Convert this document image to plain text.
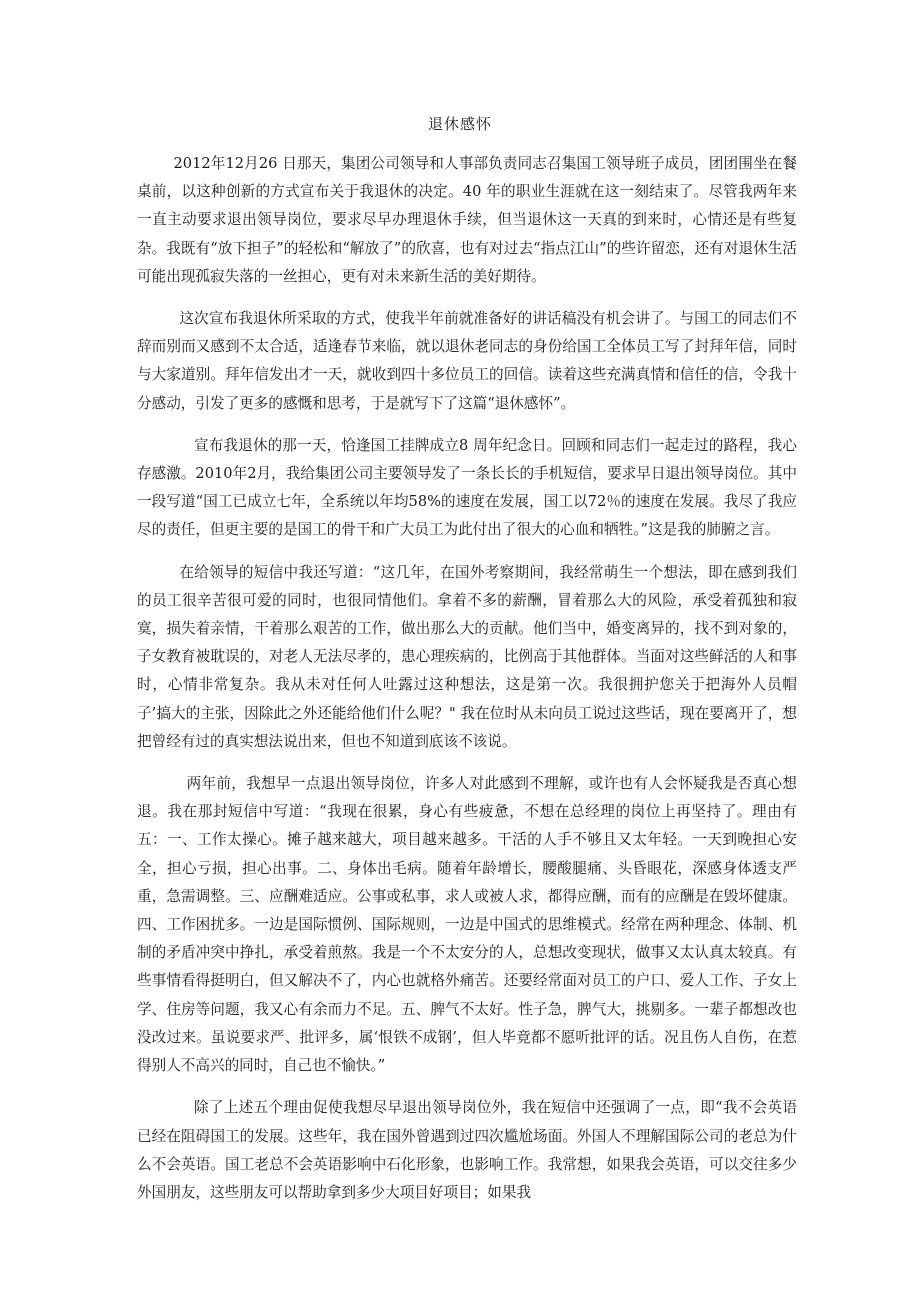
退休感怀

2012年12月26 日那天，集团公司领导和人事部负责同志召集国工领导班子成员，团团围坐在餐桌前，以这种创新的方式宣布关于我退休的决定。40 年的职业生涯就在这一刻结束了。尽管我两年来一直主动要求退出领导岗位，要求尽早办理退休手续，但当退休这一天真的到来时，心情还是有些复杂。我既有“放下担子”的轻松和“解放了”的欣喜，也有对过去“指点江山”的些许留恋，还有对退休生活可能出现孤寂失落的一丝担心，更有对未来新生活的美好期待。

这次宣布我退休所采取的方式，使我半年前就准备好的讲话稿没有机会讲了。与国工的同志们不辞而别而又感到不太合适，适逢春节来临，就以退休老同志的身份给国工全体员工写了封拜年信，同时与大家道别。拜年信发出才一天，就收到四十多位员工的回信。读着这些充满真情和信任的信，令我十分感动，引发了更多的感慨和思考，于是就写下了这篇“退休感怀”。

宣布我退休的那一天，恰逢国工挂牌成立8 周年纪念日。回顾和同志们一起走过的路程，我心存感激。2010年2月，我给集团公司主要领导发了一条长长的手机短信，要求早日退出领导岗位。其中一段写道“国工已成立七年，全系统以年均58%的速度在发展，国工以72％的速度在发展。我尽了我应尽的责任，但更主要的是国工的骨干和广大员工为此付出了很大的心血和牺牲。”这是我的肺腑之言。

在给领导的短信中我还写道：“这几年，在国外考察期间，我经常萌生一个想法，即在感到我们的员工很辛苦很可爱的同时，也很同情他们。拿着不多的薪酬，冒着那么大的风险，承受着孤独和寂寞，损失着亲情，干着那么艰苦的工作，做出那么大的贡献。他们当中，婚变离异的，找不到对象的，子女教育被耽误的，对老人无法尽孝的，患心理疾病的，比例高于其他群体。当面对这些鲜活的人和事时，心情非常复杂。我从未对任何人吐露过这种想法，这是第一次。我很拥护您关于把海外人员帽子’搞大的主张，因除此之外还能给他们什么呢？" 我在位时从未向员工说过这些话，现在要离开了，想把曾经有过的真实想法说出来，但也不知道到底该不该说。

两年前，我想早一点退出领导岗位，许多人对此感到不理解，或许也有人会怀疑我是否真心想退。我在那封短信中写道：“我现在很累，身心有些疲惫，不想在总经理的岗位上再坚持了。理由有五：一、工作太操心。摊子越来越大，项目越来越多。干活的人手不够且又太年轻。一天到晚担心安全，担心亏损，担心出事。二、身体出毛病。随着年龄增长，腰酸腿痛、头昏眼花，深感身体透支严重，急需调整。三、应酬难适应。公事或私事，求人或被人求，都得应酬，而有的应酬是在毁坏健康。四、工作困扰多。一边是国际惯例、国际规则，一边是中国式的思维模式。经常在两种理念、体制、机制的矛盾冲突中挣扎，承受着煎熬。我是一个不太安分的人，总想改变现状，做事又太认真太较真。有些事情看得挺明白，但又解决不了，内心也就格外痛苦。还要经常面对员工的户口、爱人工作、子女上学、住房等问题，我又心有余而力不足。五、脾气不太好。性子急，脾气大，挑剔多。一辈子都想改也没改过来。虽说要求严、批评多，属‘恨铁不成钢’，但人毕竟都不愿听批评的话。况且伤人自伤，在惹得别人不高兴的同时，自己也不愉快。”

除了上述五个理由促使我想尽早退出领导岗位外，我在短信中还强调了一点，即“我不会英语已经在阻碍国工的发展。这些年，我在国外曾遇到过四次尴尬场面。外国人不理解国际公司的老总为什么不会英语。国工老总不会英语影响中石化形象，也影响工作。我常想，如果我会英语，可以交往多少外国朋友，这些朋友可以帮助拿到多少大项目好项目；如果我
